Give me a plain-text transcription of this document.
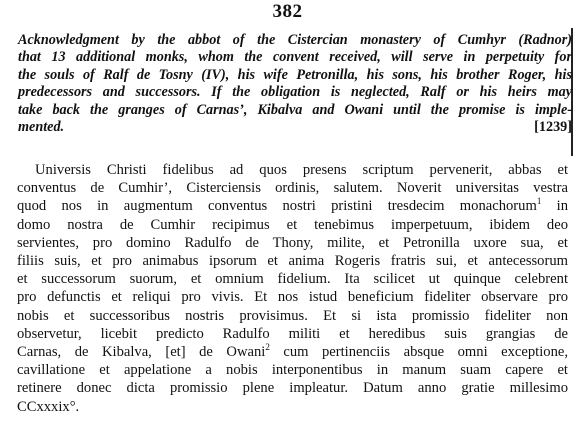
382
Acknowledgment by the abbot of the Cistercian monastery of Cumhyr (Radnor)
that 13 additional monks, whom the convent received, will serve in perpetuity for
the souls of Ralf de Tosny (IV), his wife Petronilla, his sons, his brother Roger, his
predecessors and successors. If the obligation is neglected, Ralf or his heirs may
take back the granges of Carnas’, Kibalva and Owani until the promise is imple-
mented.	[1239]
Universis Christi fidelibus ad quos presens scriptum pervenerit, abbas et
conventus de Cumhir’, Cisterciensis ordinis, salutem. Noverit universitas vestra
quod nos in augmentum conventus nostri pristini tresdecim monachorum$^1$ in
domo nostra de Cumhir recipimus et tenebimus imperpetuum, ibidem deo
servientes, pro domino Radulfo de Thony, milite, et Petronilla uxore sua, et
filiis suis, et pro animabus ipsorum et anima Rogeris fratris sui, et antecessorum
et successorum suorum, et omnium fidelium. Ita scilicet ut quinque celebrent
pro defunctis et reliqui pro vivis. Et nos istud beneficium fideliter observare pro
nobis et successoribus nostris provisimus. Et si ista promissio fideliter non
observetur, licebit predicto Radulfo militi et heredibus suis grangias de
Carnas, de Kibalva, [et] de Owani$^2$ cum pertinenciis absque omni exceptione,
cavillatione et appelatione a nobis interponentibus in manum suam capere et
retinere donec dicta promissio plene impleatur. Datum anno gratie millesimo
CCxxxix°.
